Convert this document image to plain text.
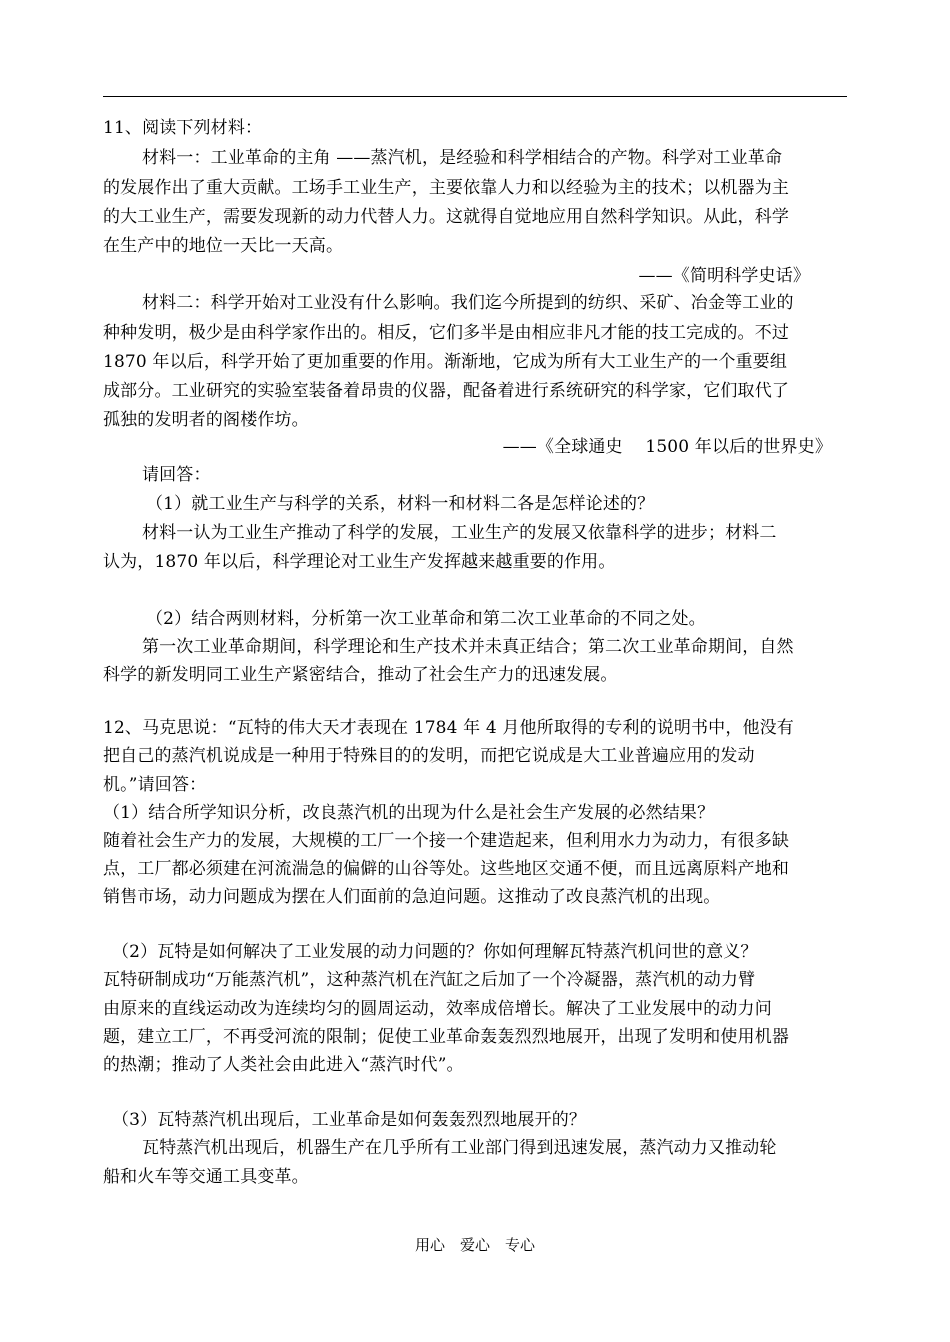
11、阅读下列材料：
材料一：工业革命的主角 ——蒸汽机，是经验和科学相结合的产物。科学对工业革命
的发展作出了重大贡献。工场手工业生产，主要依靠人力和以经验为主的技术；以机器为主
的大工业生产，需要发现新的动力代替人力。这就得自觉地应用自然科学知识。从此，科学
在生产中的地位一天比一天高。
——《简明科学史话》
材料二：科学开始对工业没有什么影响。我们迄今所提到的纺织、采矿、冶金等工业的
种种发明，极少是由科学家作出的。相反，它们多半是由相应非凡才能的技工完成的。不过
1870 年以后，科学开始了更加重要的作用。渐渐地，它成为所有大工业生产的一个重要组
成部分。工业研究的实验室装备着昂贵的仪器，配备着进行系统研究的科学家，它们取代了
孤独的发明者的阁楼作坊。
——《全球通史　 1500 年以后的世界史》
请回答：
（1）就工业生产与科学的关系，材料一和材料二各是怎样论述的？
材料一认为工业生产推动了科学的发展，工业生产的发展又依靠科学的进步；材料二
认为，1870 年以后，科学理论对工业生产发挥越来越重要的作用。
（2）结合两则材料，分析第一次工业革命和第二次工业革命的不同之处。
第一次工业革命期间，科学理论和生产技术并未真正结合；第二次工业革命期间，自然
科学的新发明同工业生产紧密结合，推动了社会生产力的迅速发展。
12、马克思说：“瓦特的伟大天才表现在 1784 年 4 月他所取得的专利的说明书中，他没有
把自己的蒸汽机说成是一种用于特殊目的的发明，而把它说成是大工业普遍应用的发动
机。”请回答：
（1）结合所学知识分析，改良蒸汽机的出现为什么是社会生产发展的必然结果？
随着社会生产力的发展，大规模的工厂一个接一个建造起来，但利用水力为动力，有很多缺
点，工厂都必须建在河流湍急的偏僻的山谷等处。这些地区交通不便，而且远离原料产地和
销售市场，动力问题成为摆在人们面前的急迫问题。这推动了改良蒸汽机的出现。
（2）瓦特是如何解决了工业发展的动力问题的？你如何理解瓦特蒸汽机问世的意义？
瓦特研制成功“万能蒸汽机”，这种蒸汽机在汽缸之后加了一个冷凝器，蒸汽机的动力臂
由原来的直线运动改为连续均匀的圆周运动，效率成倍增长。解决了工业发展中的动力问
题，建立工厂，不再受河流的限制；促使工业革命轰轰烈烈地展开，出现了发明和使用机器
的热潮；推动了人类社会由此进入“蒸汽时代”。
（3）瓦特蒸汽机出现后，工业革命是如何轰轰烈烈地展开的？
瓦特蒸汽机出现后，机器生产在几乎所有工业部门得到迅速发展，蒸汽动力又推动轮
船和火车等交通工具变革。
用心　爱心　专心
